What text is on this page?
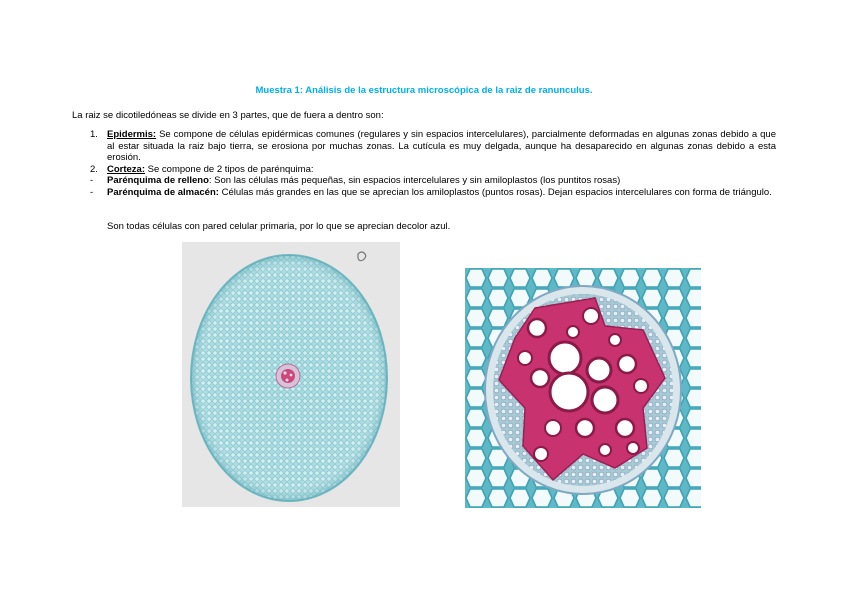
Muestra 1: Análisis de la estructura microscópica de la raiz de ranunculus.
La raiz se dicotiledóneas se divide en 3 partes, que de fuera a dentro son:
1. Epidermis: Se compone de células epidérmicas comunes (regulares y sin espacios intercelulares), parcialmente deformadas en algunas zonas debido a que al estar situada la raiz bajo tierra, se erosiona por muchas zonas. La cutícula es muy delgada, aunque ha desaparecido en algunas zonas debido a esta erosión.
2. Corteza: Se compone de 2 tipos de parénquima:
- Parénquima de relleno: Son las células más pequeñas, sin espacios intercelulares y sin amiloplastos (los puntitos rosas)
- Parénquima de almacén: Células más grandes en las que se aprecian los amiloplastos (puntos rosas). Dejan espacios intercelulares con forma de triángulo.
Son todas células con pared celular primaria, por lo que se aprecian decolor azul.
